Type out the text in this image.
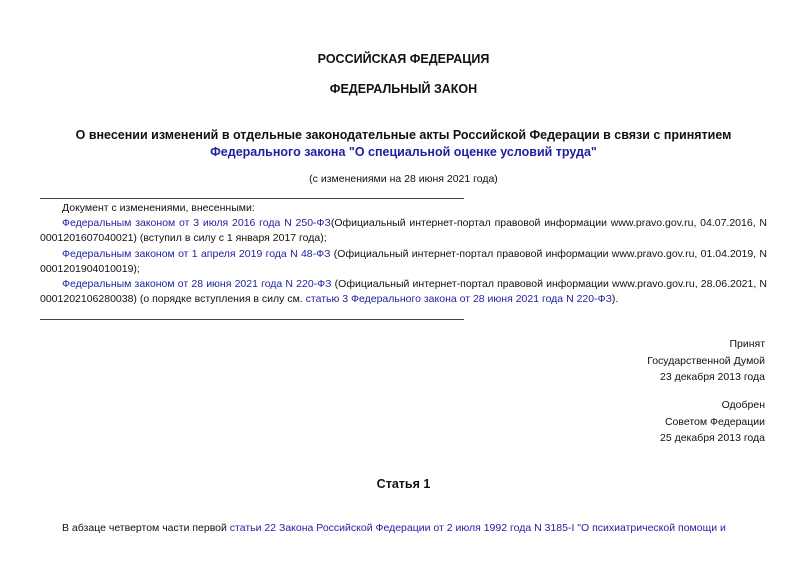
РОССИЙСКАЯ ФЕДЕРАЦИЯ
ФЕДЕРАЛЬНЫЙ ЗАКОН
О внесении изменений в отдельные законодательные акты Российской Федерации в связи с принятием
Федерального закона "О специальной оценке условий труда"
(с изменениями на 28 июня 2021 года)

Документ с изменениями, внесенными:

Федеральным законом от 3 июля 2016 года N 250-ФЗ(Официальный интернет-портал правовой информации www.pravo.gov.ru, 04.07.2016, N 0001201607040021) (вступил в силу с 1 января 2017 года);

Федеральным законом от 1 апреля 2019 года N 48-ФЗ (Официальный интернет-портал правовой информации www.pravo.gov.ru, 01.04.2019, N 0001201904010019);

Федеральным законом от 28 июня 2021 года N 220-ФЗ (Официальный интернет-портал правовой информации www.pravo.gov.ru, 28.06.2021, N 0001202106280038) (о порядке вступления в силу см. статью 3 Федерального закона от 28 июня 2021 года N 220-ФЗ).

Принят
Государственной Думой
23 декабря 2013 года
Одобрен
Советом Федерации
25 декабря 2013 года
Статья 1
В абзаце четвертом части первой статьи 22 Закона Российской Федерации от 2 июля 1992 года N 3185-I "О психиатрической помощи и
